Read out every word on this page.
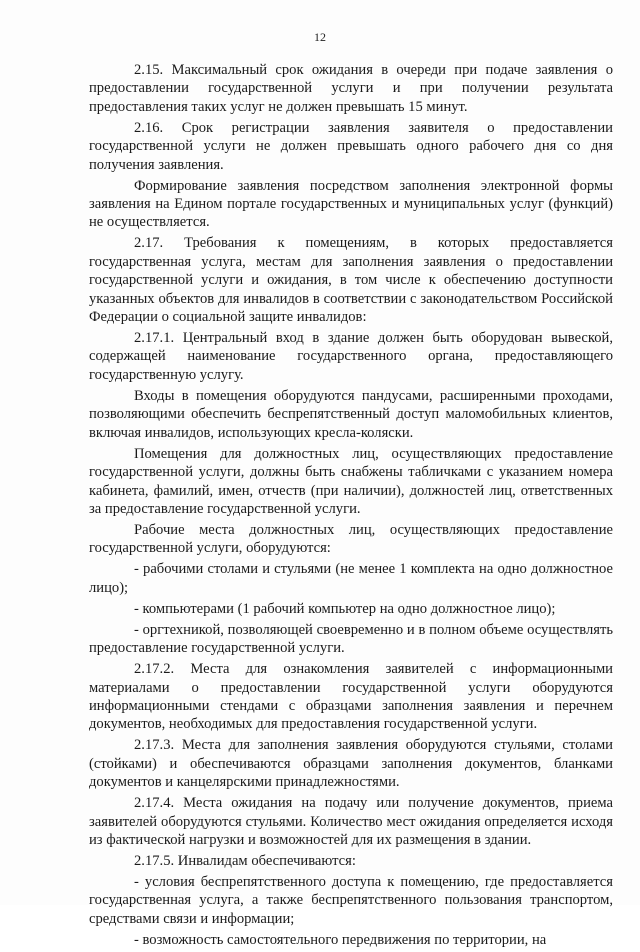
12

2.15. Максимальный срок ожидания в очереди при подаче заявления о предоставлении государственной услуги и при получении результата предоставления таких услуг не должен превышать 15 минут.

2.16. Срок регистрации заявления заявителя о предоставлении государственной услуги не должен превышать одного рабочего дня со дня получения заявления.

Формирование заявления посредством заполнения электронной формы заявления на Едином портале государственных и муниципальных услуг (функций) не осуществляется.

2.17. Требования к помещениям, в которых предоставляется государственная услуга, местам для заполнения заявления о предоставлении государственной услуги и ожидания, в том числе к обеспечению доступности указанных объектов для инвалидов в соответствии с законодательством Российской Федерации о социальной защите инвалидов:

2.17.1. Центральный вход в здание должен быть оборудован вывеской, содержащей наименование государственного органа, предоставляющего государственную услугу.

Входы в помещения оборудуются пандусами, расширенными проходами, позволяющими обеспечить беспрепятственный доступ маломобильных клиентов, включая инвалидов, использующих кресла-коляски.

Помещения для должностных лиц, осуществляющих предоставление государственной услуги, должны быть снабжены табличками с указанием номера кабинета, фамилий, имен, отчеств (при наличии), должностей лиц, ответственных за предоставление государственной услуги.

Рабочие места должностных лиц, осуществляющих предоставление государственной услуги, оборудуются:

- рабочими столами и стульями (не менее 1 комплекта на одно должностное лицо);

- компьютерами (1 рабочий компьютер на одно должностное лицо);

- оргтехникой, позволяющей своевременно и в полном объеме осуществлять предоставление государственной услуги.

2.17.2. Места для ознакомления заявителей с информационными материалами о предоставлении государственной услуги оборудуются информационными стендами с образцами заполнения заявления и перечнем документов, необходимых для предоставления государственной услуги.

2.17.3. Места для заполнения заявления оборудуются стульями, столами (стойками) и обеспечиваются образцами заполнения документов, бланками документов и канцелярскими принадлежностями.

2.17.4. Места ожидания на подачу или получение документов, приема заявителей оборудуются стульями. Количество мест ожидания определяется исходя из фактической нагрузки и возможностей для их размещения в здании.

2.17.5. Инвалидам обеспечиваются:

- условия беспрепятственного доступа к помещению, где предоставляется государственная услуга, а также беспрепятственного пользования транспортом, средствами связи и информации;

- возможность самостоятельного передвижения по территории, на
